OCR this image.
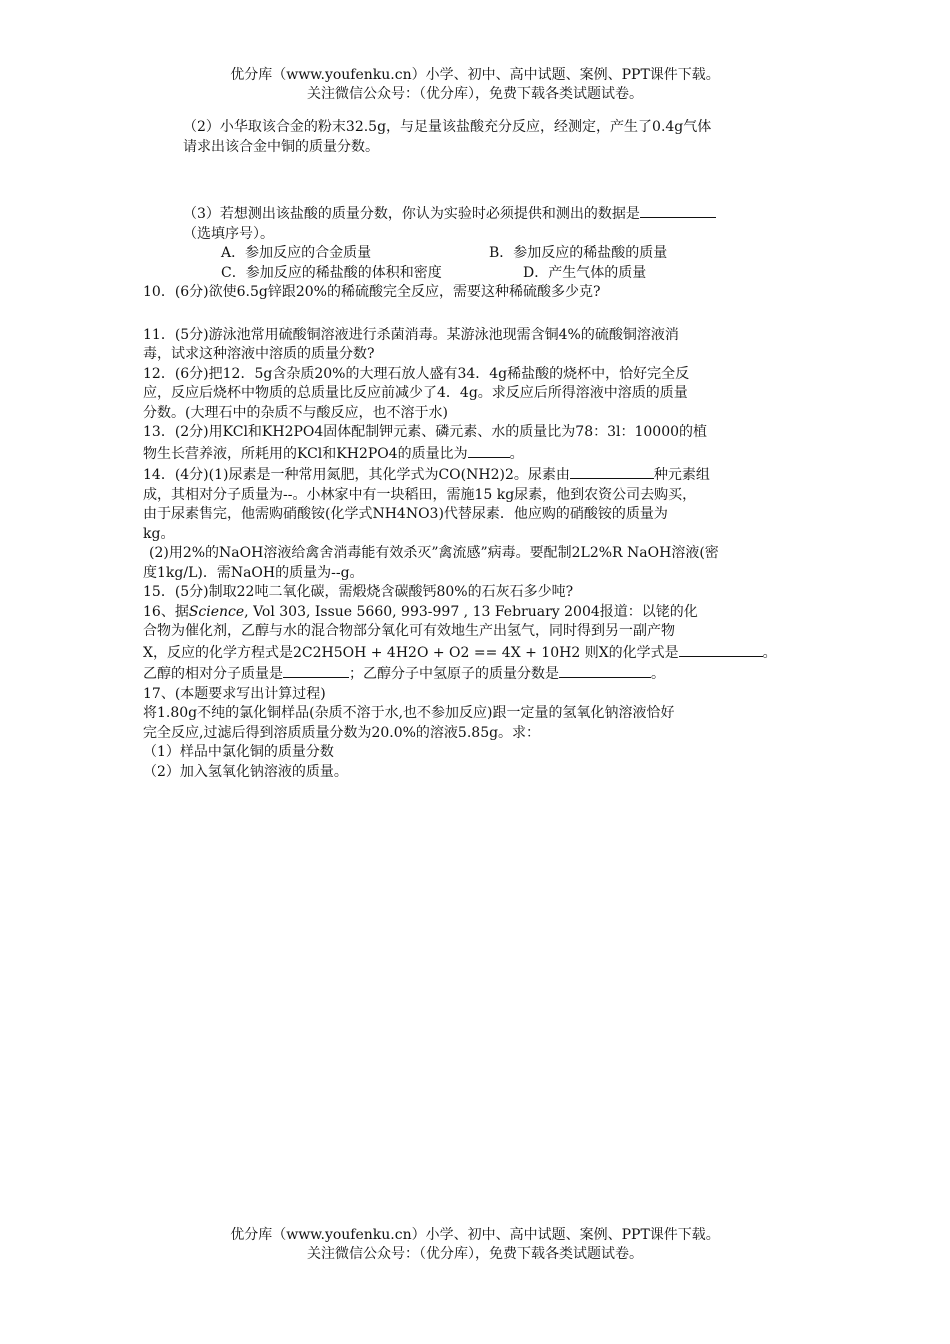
优分库（www.youfenku.cn）小学、初中、高中试题、案例、PPT课件下载。
关注微信公众号：（优分库），免费下载各类试题试卷。
（2）小华取该合金的粉末32.5g，与足量该盐酸充分反应，经测定，产生了0.4g气体
请求出该合金中铜的质量分数。
（3）若想测出该盐酸的质量分数，你认为实验时必须提供和测出的数据是
（选填序号）。
A．参加反应的合金质量	B．参加反应的稀盐酸的质量
C．参加反应的稀盐酸的体积和密度	D．产生气体的质量
10．(6分)欲使6.5g锌跟20%的稀硫酸完全反应，需要这种稀硫酸多少克?
11．(5分)游泳池常用硫酸铜溶液进行杀菌消毒。某游泳池现需含铜4%的硫酸铜溶液消
毒，试求这种溶液中溶质的质量分数?
12．(6分)把12．5g含杂质20%的大理石放人盛有34．4g稀盐酸的烧杯中，恰好完全反
应，反应后烧杯中物质的总质量比反应前减少了4．4g。求反应后所得溶液中溶质的质量
分数。(大理石中的杂质不与酸反应，也不溶于水)
13．(2分)用KCl和KH2PO4固体配制钾元素、磷元素、水的质量比为78：3l：10000的植
物生长营养液，所耗用的KCl和KH2PO4的质量比为	。
14．(4分)(1)尿素是一种常用氮肥，其化学式为CO(NH2)2。尿素由	种元素组
成，其相对分子质量为--。小林家中有一块稻田，需施15 kg尿素，他到农资公司去购买，
由于尿素售完，他需购硝酸铵(化学式NH4NO3)代替尿素．他应购的硝酸铵的质量为
kg。
(2)用2%的NaOH溶液给禽舍消毒能有效杀灭”禽流感”病毒。要配制2L2%R NaOH溶液(密
度1kg/L)．需NaOH的质量为--g。
15．(5分)制取22吨二氧化碳，需煅烧含碳酸钙80%的石灰石多少吨?
16、据Science, Vol 303, Issue 5660, 993-997 , 13 February 2004报道：以铑的化
合物为催化剂，乙醇与水的混合物部分氧化可有效地生产出氢气，同时得到另一副产物
X，反应的化学方程式是2C2H5OH + 4H2O + O2 == 4X + 10H2 则X的化学式是	。
乙醇的相对分子质量是	；乙醇分子中氢原子的质量分数是	。
17、(本题要求写出计算过程)
将1.80g不纯的氯化铜样品(杂质不溶于水,也不参加反应)跟一定量的氢氧化钠溶液恰好
完全反应,过滤后得到溶质质量分数为20.0%的溶液5.85g。求：
（1）样品中氯化铜的质量分数
（2）加入氢氧化钠溶液的质量。
优分库（www.youfenku.cn）小学、初中、高中试题、案例、PPT课件下载。
关注微信公众号：（优分库），免费下载各类试题试卷。
